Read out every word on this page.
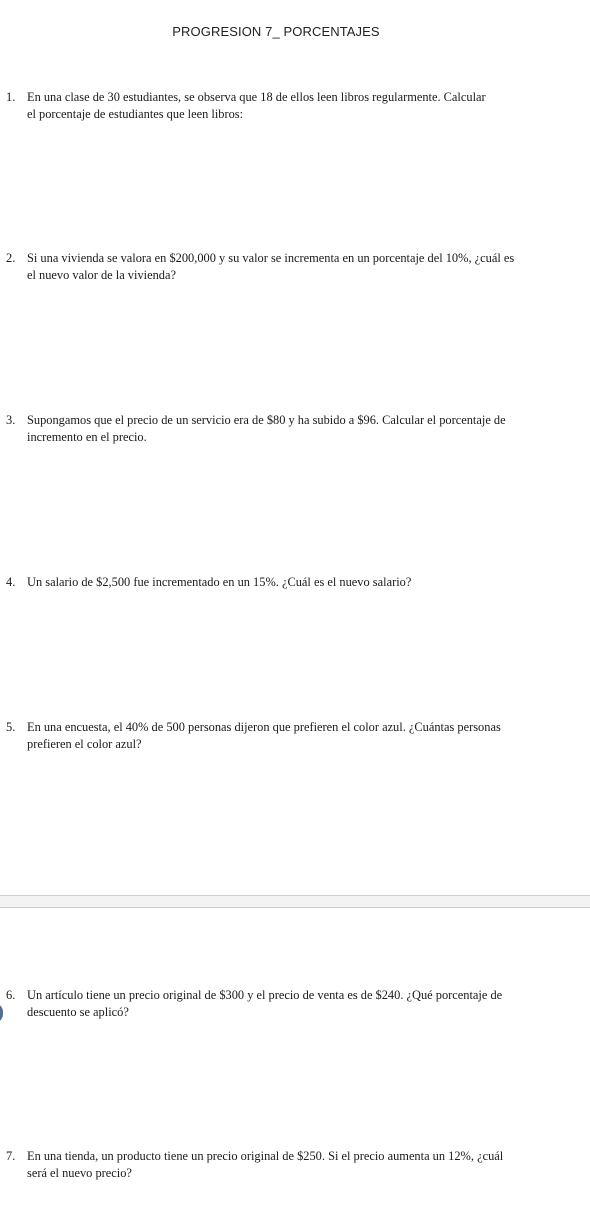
PROGRESION 7_ PORCENTAJES
1. En una clase de 30 estudiantes, se observa que 18 de ellos leen libros regularmente. Calcular
el porcentaje de estudiantes que leen libros:
2. Si una vivienda se valora en $200,000 y su valor se incrementa en un porcentaje del 10%, ¿cuál es
el nuevo valor de la vivienda?
3. Supongamos que el precio de un servicio era de $80 y ha subido a $96. Calcular el porcentaje de
incremento en el precio.
4. Un salario de $2,500 fue incrementado en un 15%. ¿Cuál es el nuevo salario?
5. En una encuesta, el 40% de 500 personas dijeron que prefieren el color azul. ¿Cuántas personas
prefieren el color azul?
6. Un artículo tiene un precio original de $300 y el precio de venta es de $240. ¿Qué porcentaje de
descuento se aplicó?
7. En una tienda, un producto tiene un precio original de $250. Si el precio aumenta un 12%, ¿cuál
será el nuevo precio?
